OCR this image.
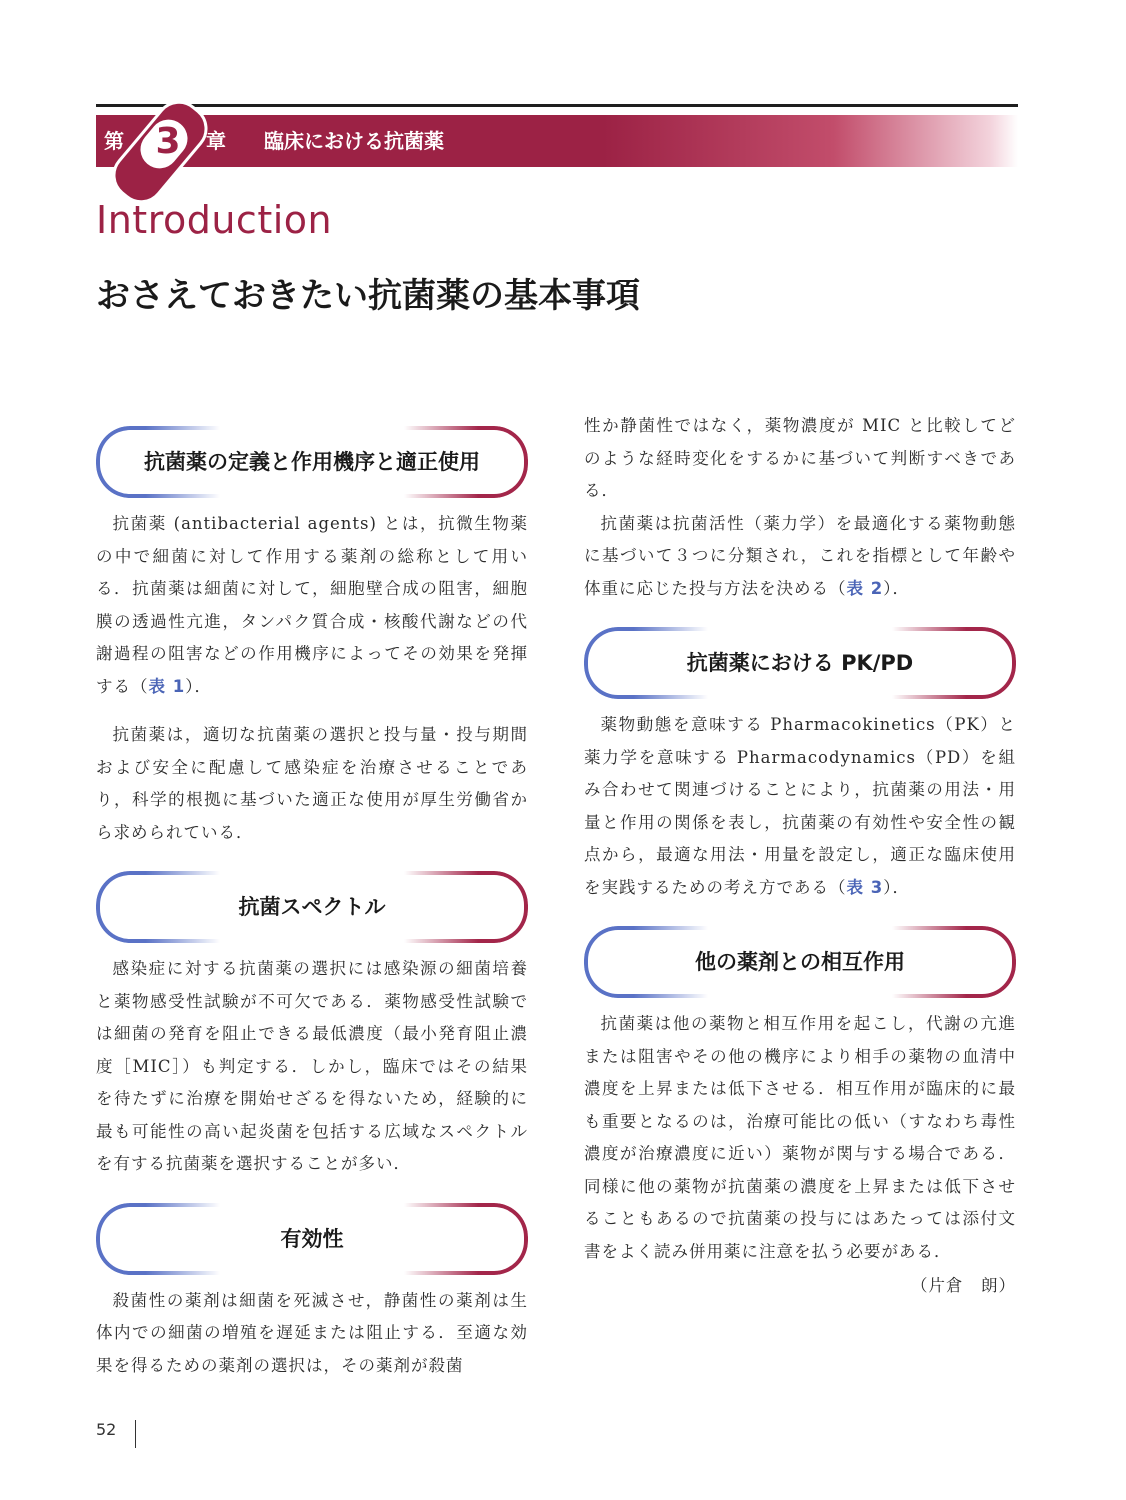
第 3	章 臨床における抗菌薬
Introduction
おさえておきたい抗菌薬の基本事項
抗菌薬の定義と作用機序と適正使用

抗菌薬 (antibacterial agents) とは，抗微生物薬の中で細菌に対して作用する薬剤の総称として用いる．抗菌薬は細菌に対して，細胞壁合成の阻害，細胞膜の透過性亢進，タンパク質合成・核酸代謝などの代謝過程の阻害などの作用機序によってその効果を発揮する（表 1）．

抗菌薬は，適切な抗菌薬の選択と投与量・投与期間および安全に配慮して感染症を治療させることであり，科学的根拠に基づいた適正な使用が厚生労働省から求められている．

抗菌スペクトル

感染症に対する抗菌薬の選択には感染源の細菌培養と薬物感受性試験が不可欠である．薬物感受性試験では細菌の発育を阻止できる最低濃度（最小発育阻止濃度［MIC］）も判定する．しかし，臨床ではその結果を待たずに治療を開始せざるを得ないため，経験的に最も可能性の高い起炎菌を包括する広域なスペクトルを有する抗菌薬を選択することが多い．

有効性

殺菌性の薬剤は細菌を死滅させ，静菌性の薬剤は生体内での細菌の増殖を遅延または阻止する．至適な効果を得るための薬剤の選択は，その薬剤が殺菌

性か静菌性ではなく，薬物濃度が MIC と比較してどのような経時変化をするかに基づいて判断すべきである．

抗菌薬は抗菌活性（薬力学）を最適化する薬物動態に基づいて３つに分類され，これを指標として年齢や体重に応じた投与方法を決める（表 2）．

抗菌薬における PK/PD

薬物動態を意味する Pharmacokinetics（PK）と薬力学を意味する Pharmacodynamics（PD）を組み合わせて関連づけることにより，抗菌薬の用法・用量と作用の関係を表し，抗菌薬の有効性や安全性の観点から，最適な用法・用量を設定し，適正な臨床使用を実践するための考え方である（表 3）．

他の薬剤との相互作用

抗菌薬は他の薬物と相互作用を起こし，代謝の亢進または阻害やその他の機序により相手の薬物の血清中濃度を上昇または低下させる．相互作用が臨床的に最も重要となるのは，治療可能比の低い（すなわち毒性濃度が治療濃度に近い）薬物が関与する場合である．同様に他の薬物が抗菌薬の濃度を上昇または低下させることもあるので抗菌薬の投与にはあたっては添付文書をよく読み併用薬に注意を払う必要がある．

（片倉　朗）

52
